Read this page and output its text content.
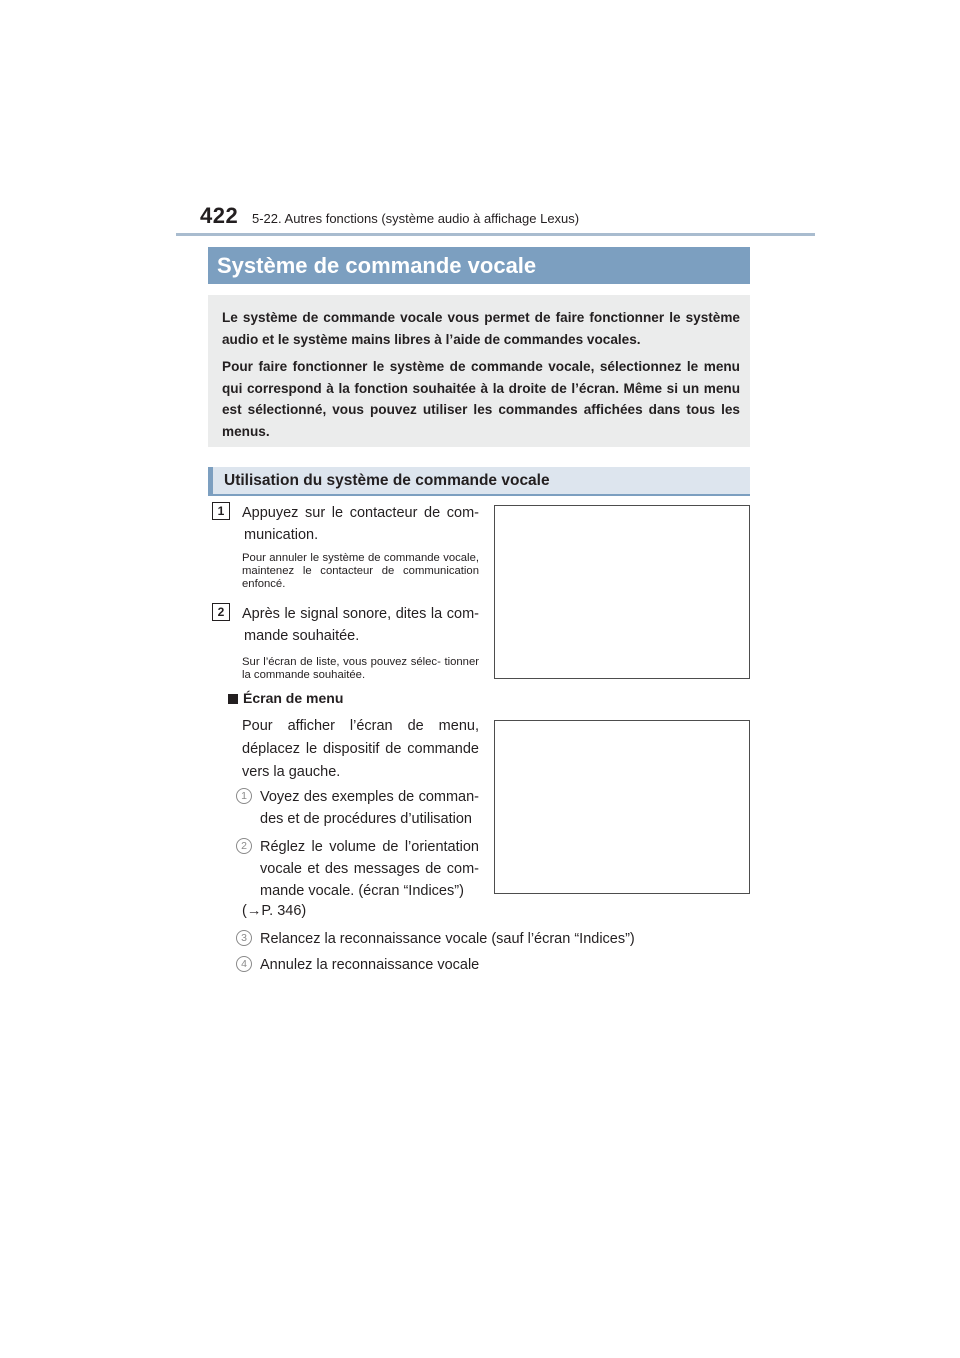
422 5-22. Autres fonctions (système audio à affichage Lexus)
Système de commande vocale

Le système de commande vocale vous permet de faire fonctionner le système audio et le système mains libres à l’aide de commandes vocales.

Pour faire fonctionner le système de commande vocale, sélectionnez le menu qui correspond à la fonction souhaitée à la droite de l’écran. Même si un menu est sélectionné, vous pouvez utiliser les commandes affichées dans tous les menus.

Utilisation du système de commande vocale
1	Appuyez sur le contacteur de com-
munication.
Pour annuler le système de commande vocale, maintenez le contacteur de communication enfoncé.
2	Après le signal sonore, dites la com-
mande souhaitée.
Sur l’écran de liste, vous pouvez sélec- tionner la commande souhaitée.
Écran de menu
Pour afficher l’écran de menu, déplacez le dispositif de commande vers la gauche.
1 Voyez des exemples de comman- des et de procédures d’utilisation
2 Réglez le volume de l’orientation vocale et des messages de com- mande vocale. (écran “Indices”)
(→P. 346)
3 Relancez la reconnaissance vocale (sauf l’écran “Indices”)
4 Annulez la reconnaissance vocale
